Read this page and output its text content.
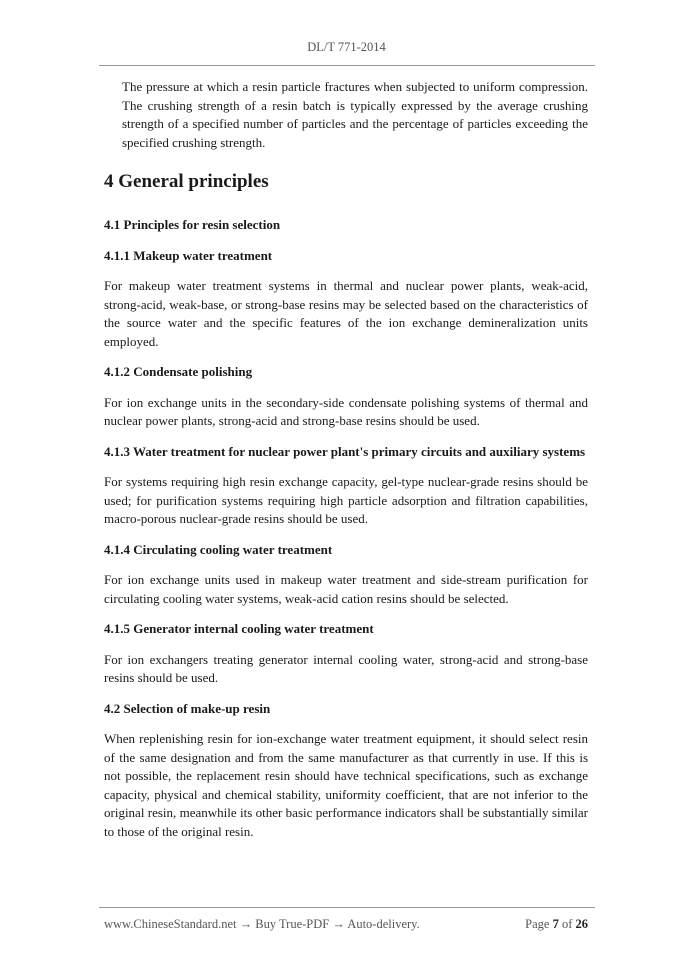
DL/T 771-2014

The pressure at which a resin particle fractures when subjected to uniform compression. The crushing strength of a resin batch is typically expressed by the average crushing strength of a specified number of particles and the percentage of particles exceeding the specified crushing strength.

4 General principles
4.1 Principles for resin selection
4.1.1 Makeup water treatment

For makeup water treatment systems in thermal and nuclear power plants, weak-acid, strong-acid, weak-base, or strong-base resins may be selected based on the characteristics of the source water and the specific features of the ion exchange demineralization units employed.

4.1.2 Condensate polishing

For ion exchange units in the secondary-side condensate polishing systems of thermal and nuclear power plants, strong-acid and strong-base resins should be used.

4.1.3 Water treatment for nuclear power plant's primary circuits and auxiliary systems

For systems requiring high resin exchange capacity, gel-type nuclear-grade resins should be used; for purification systems requiring high particle adsorption and filtration capabilities, macro-porous nuclear-grade resins should be used.

4.1.4 Circulating cooling water treatment

For ion exchange units used in makeup water treatment and side-stream purification for circulating cooling water systems, weak-acid cation resins should be selected.

4.1.5 Generator internal cooling water treatment

For ion exchangers treating generator internal cooling water, strong-acid and strong-base resins should be used.

4.2 Selection of make-up resin

When replenishing resin for ion-exchange water treatment equipment, it should select resin of the same designation and from the same manufacturer as that currently in use. If this is not possible, the replacement resin should have technical specifications, such as exchange capacity, physical and chemical stability, uniformity coefficient, that are not inferior to the original resin, meanwhile its other basic performance indicators shall be substantially similar to those of the original resin.

www.ChineseStandard.net → Buy True-PDF → Auto-delivery.	Page 7 of 26
